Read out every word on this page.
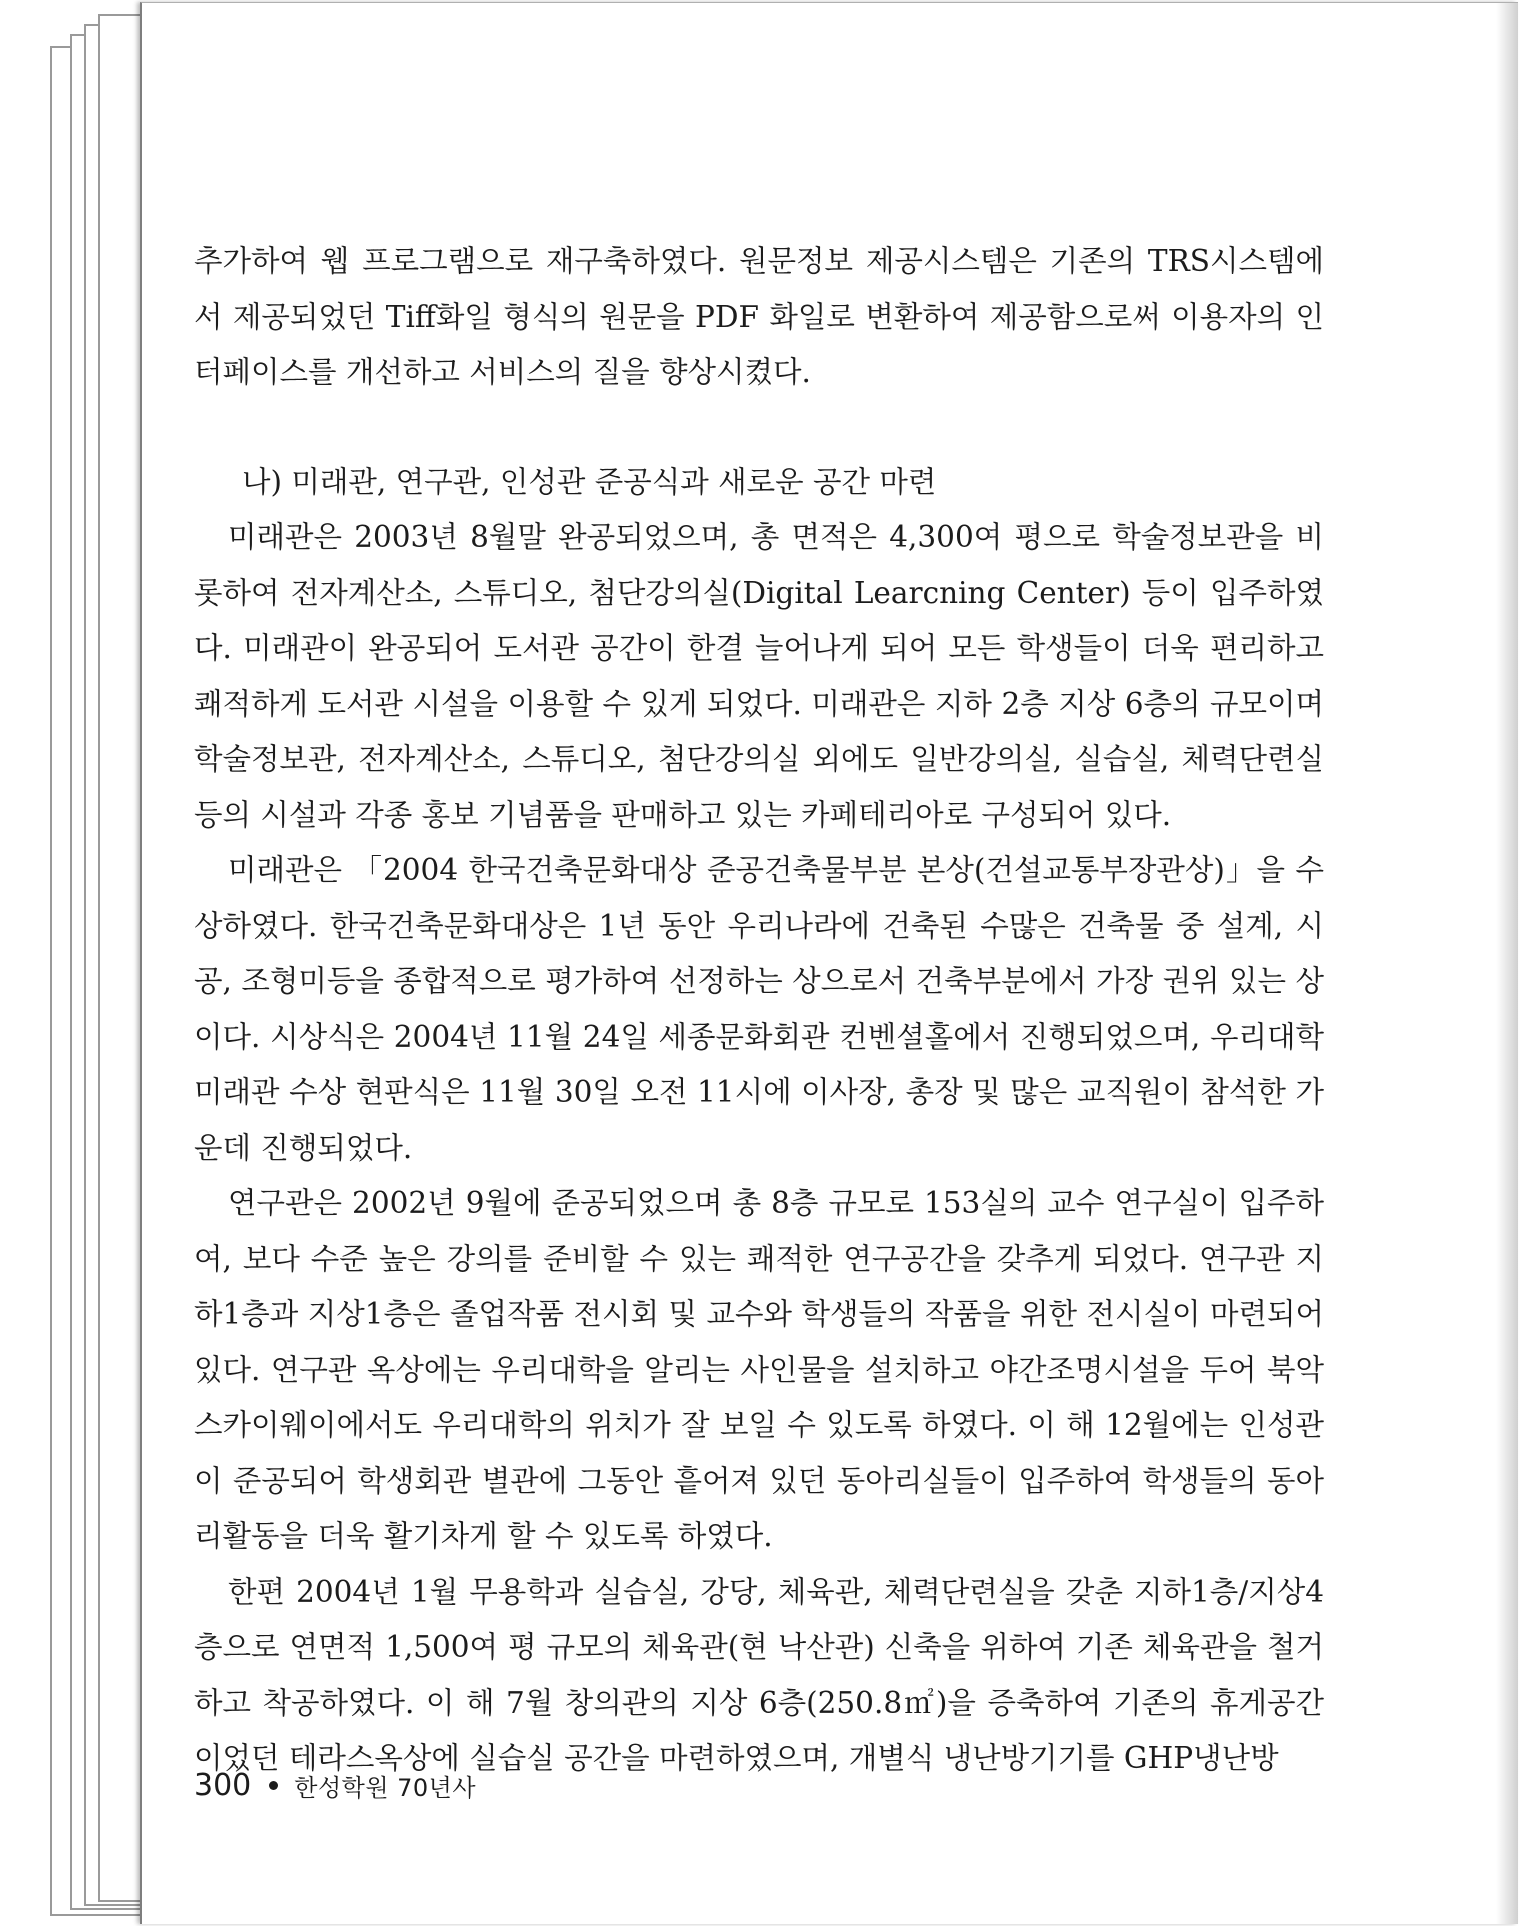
추가하여 웹 프로그램으로 재구축하였다. 원문정보 제공시스템은 기존의 TRS시스템에서 제공되었던 Tiff화일 형식의 원문을 PDF 화일로 변환하여 제공함으로써 이용자의 인터페이스를 개선하고 서비스의 질을 향상시켰다.

나) 미래관, 연구관, 인성관 준공식과 새로운 공간 마련

미래관은 2003년 8월말 완공되었으며, 총 면적은 4,300여 평으로 학술정보관을 비롯하여 전자계산소, 스튜디오, 첨단강의실(Digital Learcning Center) 등이 입주하였다. 미래관이 완공되어 도서관 공간이 한결 늘어나게 되어 모든 학생들이 더욱 편리하고 쾌적하게 도서관 시설을 이용할 수 있게 되었다. 미래관은 지하 2층 지상 6층의 규모이며 학술정보관, 전자계산소, 스튜디오, 첨단강의실 외에도 일반강의실, 실습실, 체력단련실 등의 시설과 각종 홍보 기념품을 판매하고 있는 카페테리아로 구성되어 있다.

미래관은 「2004 한국건축문화대상 준공건축물부분 본상(건설교통부장관상)」을 수상하였다. 한국건축문화대상은 1년 동안 우리나라에 건축된 수많은 건축물 중 설계, 시공, 조형미등을 종합적으로 평가하여 선정하는 상으로서 건축부분에서 가장 권위 있는 상이다. 시상식은 2004년 11월 24일 세종문화회관 컨벤셜홀에서 진행되었으며, 우리대학 미래관 수상 현판식은 11월 30일 오전 11시에 이사장, 총장 및 많은 교직원이 참석한 가운데 진행되었다.

연구관은 2002년 9월에 준공되었으며 총 8층 규모로 153실의 교수 연구실이 입주하여, 보다 수준 높은 강의를 준비할 수 있는 쾌적한 연구공간을 갖추게 되었다. 연구관 지하1층과 지상1층은 졸업작품 전시회 및 교수와 학생들의 작품을 위한 전시실이 마련되어 있다. 연구관 옥상에는 우리대학을 알리는 사인물을 설치하고 야간조명시설을 두어 북악스카이웨이에서도 우리대학의 위치가 잘 보일 수 있도록 하였다. 이 해 12월에는 인성관이 준공되어 학생회관 별관에 그동안 흩어져 있던 동아리실들이 입주하여 학생들의 동아리활동을 더욱 활기차게 할 수 있도록 하였다.

한편 2004년 1월 무용학과 실습실, 강당, 체육관, 체력단련실을 갖춘 지하1층/지상4층으로 연면적 1,500여 평 규모의 체육관(현 낙산관) 신축을 위하여 기존 체육관을 철거하고 착공하였다. 이 해 7월 창의관의 지상 6층(250.8㎡)을 증축하여 기존의 휴게공간이었던 테라스옥상에 실습실 공간을 마련하였으며, 개별식 냉난방기기를 GHP냉난방

300 한성학원 70년사
